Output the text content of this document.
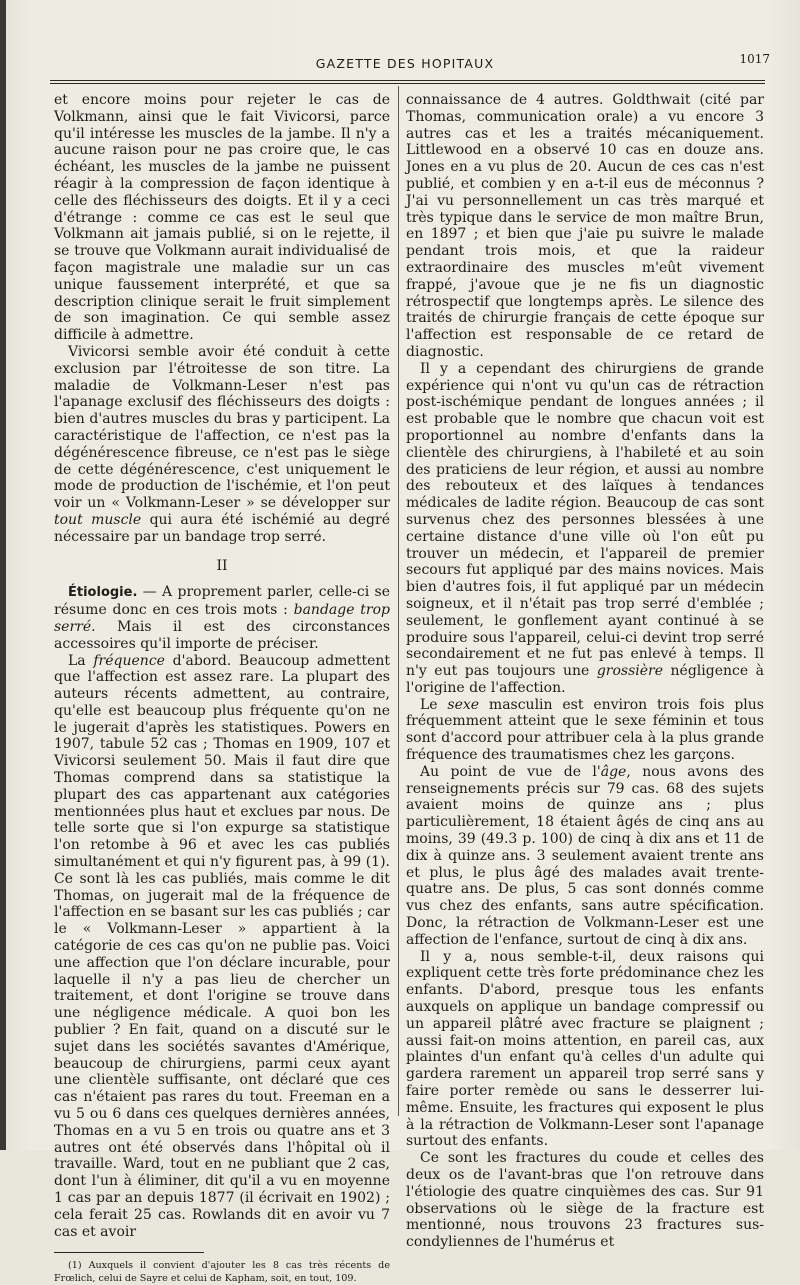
GAZETTE DES HOPITAUX	1017

et encore moins pour rejeter le cas de Volkmann, ainsi que le fait Vivicorsi, parce qu'il intéresse les muscles de la jambe. Il n'y a aucune raison pour ne pas croire que, le cas échéant, les muscles de la jambe ne puissent réagir à la compression de façon identique à celle des fléchisseurs des doigts. Et il y a ceci d'étrange : comme ce cas est le seul que Volkmann ait jamais publié, si on le rejette, il se trouve que Volkmann aurait individualisé de façon magistrale une maladie sur un cas unique faussement interprété, et que sa description clinique serait le fruit simplement de son imagination. Ce qui semble assez difficile à admettre.

Vivicorsi semble avoir été conduit à cette exclusion par l'étroitesse de son titre. La maladie de Volkmann-Leser n'est pas l'apanage exclusif des fléchisseurs des doigts : bien d'autres muscles du bras y participent. La caractéristique de l'affection, ce n'est pas la dégénérescence fibreuse, ce n'est pas le siège de cette dégénérescence, c'est uniquement le mode de production de l'ischémie, et l'on peut voir un « Volkmann-Leser » se développer sur tout muscle qui aura été ischémié au degré nécessaire par un bandage trop serré.

II

Étiologie. — A proprement parler, celle-ci se résume donc en ces trois mots : bandage trop serré. Mais il est des circonstances accessoires qu'il importe de préciser.

La fréquence d'abord. Beaucoup admettent que l'affection est assez rare. La plupart des auteurs récents admettent, au contraire, qu'elle est beaucoup plus fréquente qu'on ne le jugerait d'après les statistiques. Powers en 1907, tabule 52 cas ; Thomas en 1909, 107 et Vivicorsi seulement 50. Mais il faut dire que Thomas comprend dans sa statistique la plupart des cas appartenant aux catégories mentionnées plus haut et exclues par nous. De telle sorte que si l'on expurge sa statistique l'on retombe à 96 et avec les cas publiés simultanément et qui n'y figurent pas, à 99 (1). Ce sont là les cas publiés, mais comme le dit Thomas, on jugerait mal de la fréquence de l'affection en se basant sur les cas publiés ; car le « Volkmann-Leser » appartient à la catégorie de ces cas qu'on ne publie pas. Voici une affection que l'on déclare incurable, pour laquelle il n'y a pas lieu de chercher un traitement, et dont l'origine se trouve dans une négligence médicale. A quoi bon les publier ? En fait, quand on a discuté sur le sujet dans les sociétés savantes d'Amérique, beaucoup de chirurgiens, parmi ceux ayant une clientèle suffisante, ont déclaré que ces cas n'étaient pas rares du tout. Freeman en a vu 5 ou 6 dans ces quelques dernières années, Thomas en a vu 5 en trois ou quatre ans et 3 autres ont été observés dans l'hôpital où il travaille. Ward, tout en ne publiant que 2 cas, dont l'un à éliminer, dit qu'il a vu en moyenne 1 cas par an depuis 1877 (il écrivait en 1902) ; cela ferait 25 cas. Rowlands dit en avoir vu 7 cas et avoir

(1) Auxquels il convient d'ajouter les 8 cas très récents de Frœlich, celui de Sayre et celui de Kapham, soit, en tout, 109.

connaissance de 4 autres. Goldthwait (cité par Thomas, communication orale) a vu encore 3 autres cas et les a traités mécaniquement. Littlewood en a observé 10 cas en douze ans. Jones en a vu plus de 20. Aucun de ces cas n'est publié, et combien y en a-t-il eus de méconnus ? J'ai vu personnellement un cas très marqué et très typique dans le service de mon maître Brun, en 1897 ; et bien que j'aie pu suivre le malade pendant trois mois, et que la raideur extraordinaire des muscles m'eût vivement frappé, j'avoue que je ne fis un diagnostic rétrospectif que longtemps après. Le silence des traités de chirurgie français de cette époque sur l'affection est responsable de ce retard de diagnostic.

Il y a cependant des chirurgiens de grande expérience qui n'ont vu qu'un cas de rétraction post-ischémique pendant de longues années ; il est probable que le nombre que chacun voit est proportionnel au nombre d'enfants dans la clientèle des chirurgiens, à l'habileté et au soin des praticiens de leur région, et aussi au nombre des rebouteux et des laïques à tendances médicales de ladite région. Beaucoup de cas sont survenus chez des personnes blessées à une certaine distance d'une ville où l'on eût pu trouver un médecin, et l'appareil de premier secours fut appliqué par des mains novices. Mais bien d'autres fois, il fut appliqué par un médecin soigneux, et il n'était pas trop serré d'emblée ; seulement, le gonflement ayant continué à se produire sous l'appareil, celui-ci devint trop serré secondairement et ne fut pas enlevé à temps. Il n'y eut pas toujours une grossière négligence à l'origine de l'affection.

Le sexe masculin est environ trois fois plus fréquemment atteint que le sexe féminin et tous sont d'accord pour attribuer cela à la plus grande fréquence des traumatismes chez les garçons.

Au point de vue de l'âge, nous avons des renseignements précis sur 79 cas. 68 des sujets avaient moins de quinze ans ; plus particulièrement, 18 étaient âgés de cinq ans au moins, 39 (49.3 p. 100) de cinq à dix ans et 11 de dix à quinze ans. 3 seulement avaient trente ans et plus, le plus âgé des malades avait trente-quatre ans. De plus, 5 cas sont donnés comme vus chez des enfants, sans autre spécification. Donc, la rétraction de Volkmann-Leser est une affection de l'enfance, surtout de cinq à dix ans.

Il y a, nous semble-t-il, deux raisons qui expliquent cette très forte prédominance chez les enfants. D'abord, presque tous les enfants auxquels on applique un bandage compressif ou un appareil plâtré avec fracture se plaignent ; aussi fait-on moins attention, en pareil cas, aux plaintes d'un enfant qu'à celles d'un adulte qui gardera rarement un appareil trop serré sans y faire porter remède ou sans le desserrer lui-même. Ensuite, les fractures qui exposent le plus à la rétraction de Volkmann-Leser sont l'apanage surtout des enfants.

Ce sont les fractures du coude et celles des deux os de l'avant-bras que l'on retrouve dans l'étiologie des quatre cinquièmes des cas. Sur 91 observations où le siège de la fracture est mentionné, nous trouvons 23 fractures sus-condyliennes de l'humérus et
